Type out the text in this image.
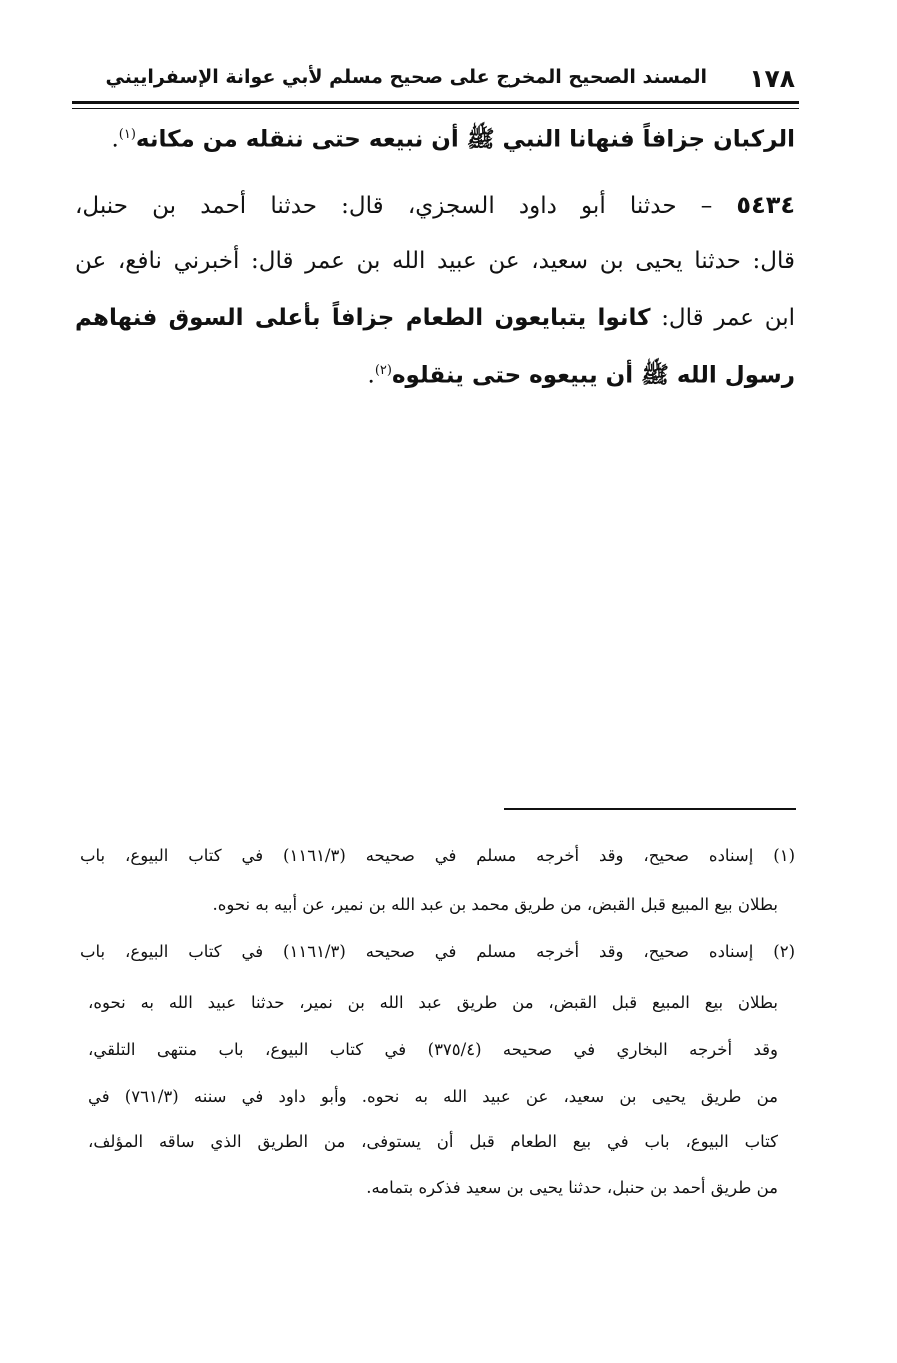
١٧٨
المسند الصحيح المخرج على صحيح مسلم لأبي عوانة الإسفراييني
الركبان جزافاً فنهانا النبي ﷺ أن نبيعه حتى ننقله من مكانه$^{(١)}$.
٥٤٣٤ – حدثنا أبو داود السجزي، قال: حدثنا أحمد بن حنبل،
قال: حدثنا يحيى بن سعيد، عن عبيد الله بن عمر قال: أخبرني نافع، عن
ابن عمر قال: كانوا يتبايعون الطعام جزافاً بأعلى السوق فنهاهم
رسول الله ﷺ أن يبيعوه حتى ينقلوه$^{(٢)}$.
(١) إسناده صحيح، وقد أخرجه مسلم في صحيحه (١١٦١/٣) في كتاب البيوع، باب
بطلان بيع المبيع قبل القبض، من طريق محمد بن عبد الله بن نمير، عن أبيه به نحوه.
(٢) إسناده صحيح، وقد أخرجه مسلم في صحيحه (١١٦١/٣) في كتاب البيوع، باب
بطلان بيع المبيع قبل القبض، من طريق عبد الله بن نمير، حدثنا عبيد الله به نحوه،
وقد أخرجه البخاري في صحيحه (٣٧٥/٤) في كتاب البيوع، باب منتهى التلقي،
من طريق يحيى بن سعيد، عن عبيد الله به نحوه. وأبو داود في سننه (٧٦١/٣) في
كتاب البيوع، باب في بيع الطعام قبل أن يستوفى، من الطريق الذي ساقه المؤلف،
من طريق أحمد بن حنبل، حدثنا يحيى بن سعيد فذكره بتمامه.
